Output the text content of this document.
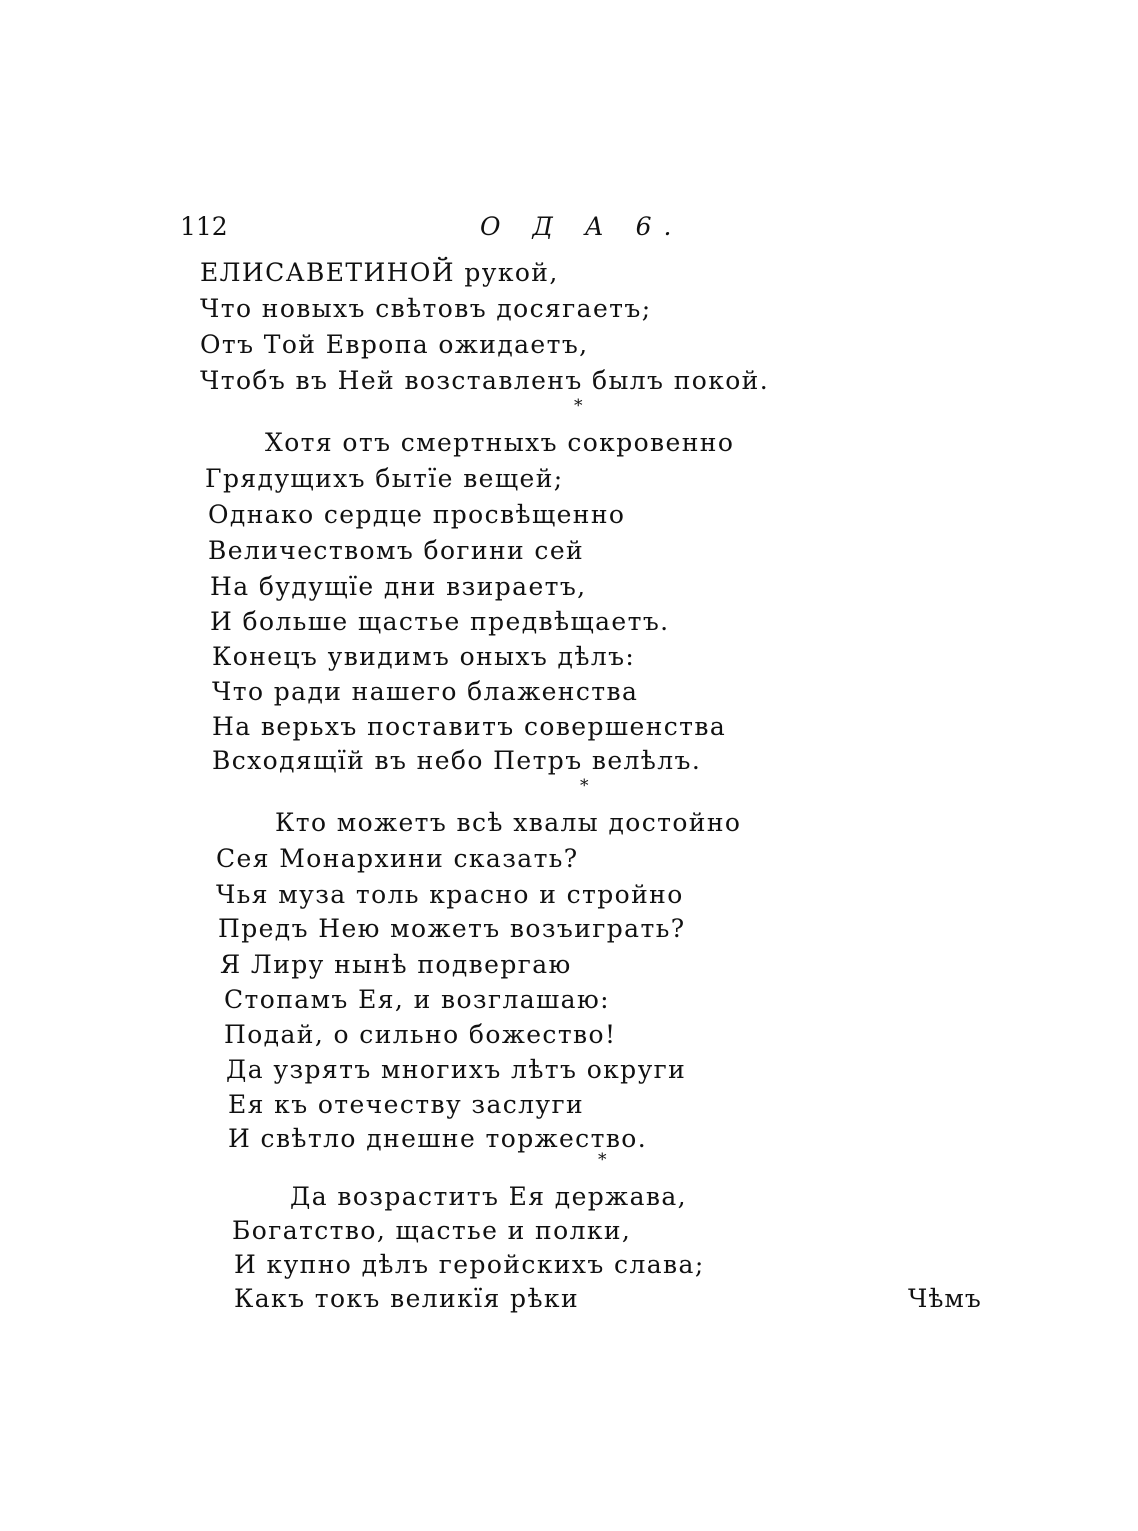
112	О Д А 6.
ЕЛИСАВЕТИНОЙ рукой,
Что новыхъ свѣтовъ досягаетъ;
Отъ Той Европа ожидаетъ,
Чтобъ въ Ней возставленъ былъ покой.
*
Хотя отъ смертныхъ сокровенно
Грядущихъ бытїе вещей;
Однако сердце просвѣщенно
Величествомъ богини сей
На будущїе дни взираетъ,
И больше щастье предвѣщаетъ.
Конецъ увидимъ оныхъ дѣлъ:
Что ради нашего блаженства
На верьхъ поставитъ совершенства
Всходящїй въ небо Петръ велѣлъ.
*
Кто можетъ всѣ хвалы достойно
Сея Монархини сказать?
Чья муза толь красно и стройно
Предъ Нею можетъ возъиграть?
Я Лиру нынѣ подвергаю
Стопамъ Ея, и возглашаю:
Подай, о сильно божество!
Да узрятъ многихъ лѣтъ округи
Ея къ отечеству заслуги
И свѣтло днешне торжество.
*
Да возраститъ Ея держава,
Богатство, щастье и полки,
И купно дѣлъ геройскихъ слава;
Какъ токъ великїя рѣки	Чѣмъ
